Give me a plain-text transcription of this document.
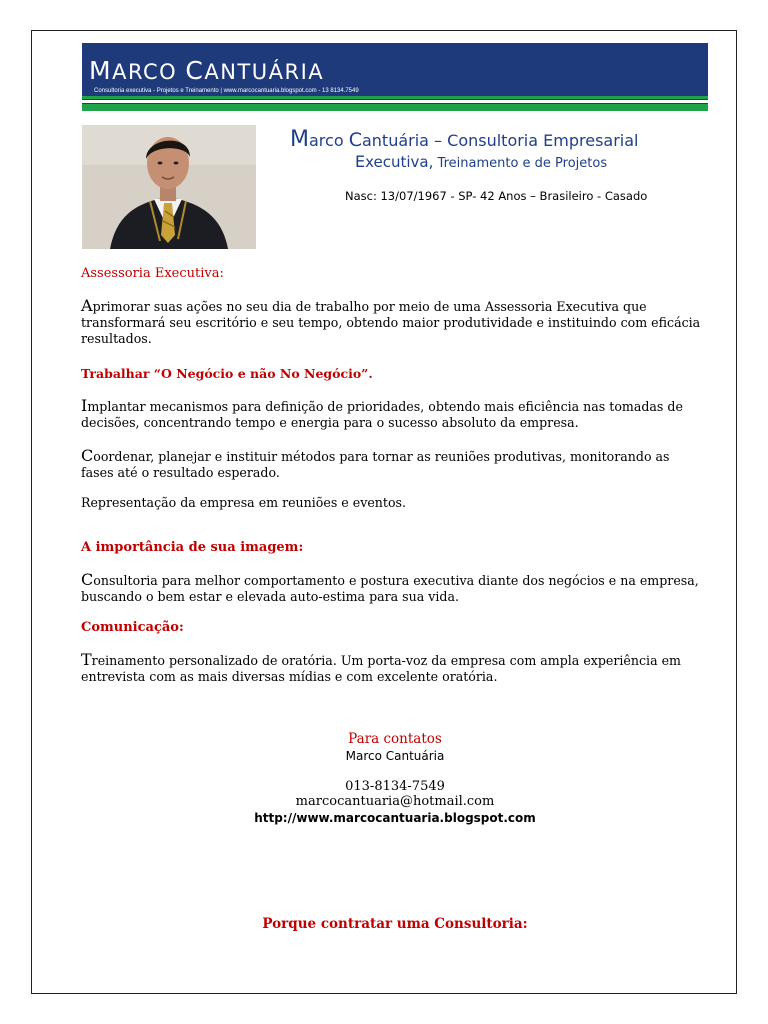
MARCO CANTUÁRIA
Consultoria executiva - Projetos e Treinamento | www.marcocantuaria.blogspot.com - 13 8134.7549
Marco Cantuária – Consultoria Empresarial
Executiva, Treinamento e de Projetos
Nasc: 13/07/1967 - SP- 42 Anos – Brasileiro - Casado
Assessoria Executiva:
Aprimorar suas ações no seu dia de trabalho por meio de uma Assessoria Executiva que transformará seu escritório e seu tempo, obtendo maior produtividade e instituindo com eficácia resultados.
Trabalhar “O Negócio e não No Negócio”.
Implantar mecanismos para definição de prioridades, obtendo mais eficiência nas tomadas de decisões, concentrando tempo e energia para o sucesso absoluto da empresa.
Coordenar, planejar e instituir métodos para tornar as reuniões produtivas, monitorando as fases até o resultado esperado.
Representação da empresa em reuniões e eventos.
A importância de sua imagem:
Consultoria para melhor comportamento e postura executiva diante dos negócios e na empresa, buscando o bem estar e elevada auto-estima para sua vida.
Comunicação:
Treinamento personalizado de oratória. Um porta-voz da empresa com ampla experiência em entrevista com as mais diversas mídias e com excelente oratória.
Para contatos
Marco Cantuária
013-8134-7549
marcocantuaria@hotmail.com
http://www.marcocantuaria.blogspot.com
Porque contratar uma Consultoria:
